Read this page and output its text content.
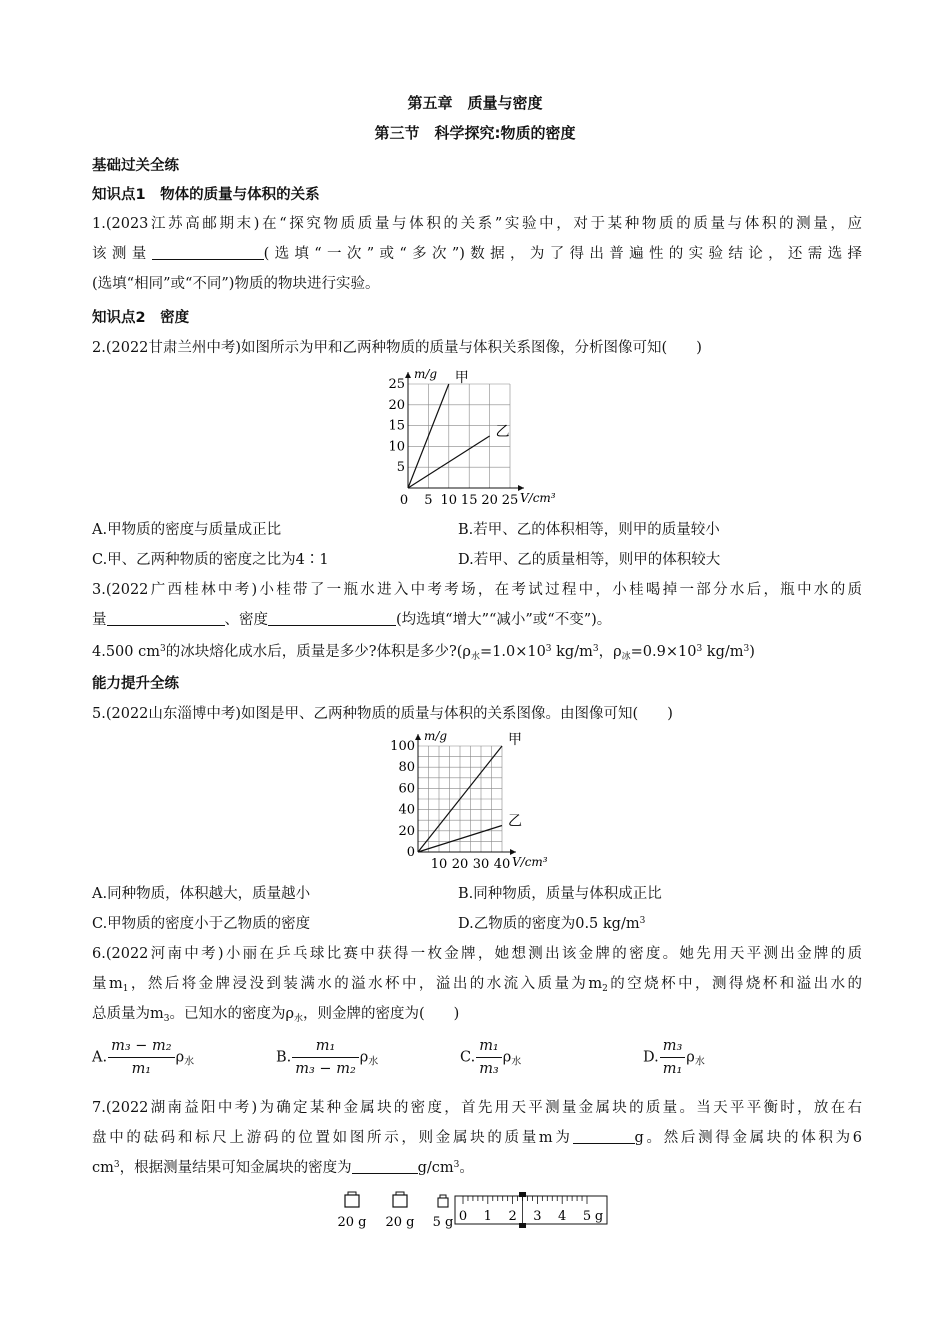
第五章　质量与密度
第三节　科学探究:物质的密度
基础过关全练
知识点1　物体的质量与体积的关系
1.(2023江苏高邮期末)在“探究物质质量与体积的关系”实验中，对于某种物质的质量与体积的测量，应
该测量	(选填“一次”或“多次”)数据，为了得出普遍性的实验结论，还需选择
(选填“相同”或“不同”)物质的物块进行实验。
知识点2　密度
2.(2022甘肃兰州中考)如图所示为甲和乙两种物质的质量与体积关系图像，分析图像可知(　　)
5
10
15
20
25
0 5 10 15 20 25
m/g
V/cm³
甲
乙
A.甲物质的密度与质量成正比	B.若甲、乙的体积相等，则甲的质量较小
C.甲、乙两种物质的密度之比为4∶1	D.若甲、乙的质量相等，则甲的体积较大
3.(2022广西桂林中考)小桂带了一瓶水进入中考考场，在考试过程中，小桂喝掉一部分水后，瓶中水的质
量	、密度	(均选填“增大”“减小”或“不变”)。
4.500 $cm^3$的冰块熔化成水后，质量是多少?体积是多少$?(\rho_水=1.0\times 10^3$ $kg/m^3$，$\rho_冰=0.9\times 10^3$ $kg/m^3$)
能力提升全练
5.(2022山东淄博中考)如图是甲、乙两种物质的质量与体积的关系图像。由图像可知(　　)
0
20
40
60
80
100
10 20 30 40
m/g
V/cm³
甲
乙
A.同种物质，体积越大，质量越小	B.同种物质，质量与体积成正比
C.甲物质的密度小于乙物质的密度	D.乙物质的密度为0.5 $kg/m^3$
6.(2022河南中考)小丽在乒乓球比赛中获得一枚金牌，她想测出该金牌的密度。她先用天平测出金牌的质
量$m_1$，然后将金牌浸没到装满水的溢水杯中，溢出的水流入质量为$m_2$的空烧杯中，测得烧杯和溢出水的
总质量为$m_3$。已知水的密度为$\rho_水$，则金牌的密度为(　　)
A. $\frac{\text{m₃ − m₂}}{\text{m₁}} \rho_水$	B. $\frac{\text{m₁}}{\text{m₃ − m₂}} \rho_水$	C. $\frac{\text{m₁}}{\text{m₃}} \rho_水$	D. $\frac{\text{m₃}}{\text{m₁}} \rho_水$
7.(2022湖南益阳中考)为确定某种金属块的密度，首先用天平测量金属块的质量。当天平平衡时，放在右
盘中的砝码和标尺上游码的位置如图所示，则金属块的质量m为	g。然后测得金属块的体积为6
$cm^3$，根据测量结果可知金属块的密度为	$g/cm^3$。
20 g 20 g 5 g 0 1 2 3 4 5 g
